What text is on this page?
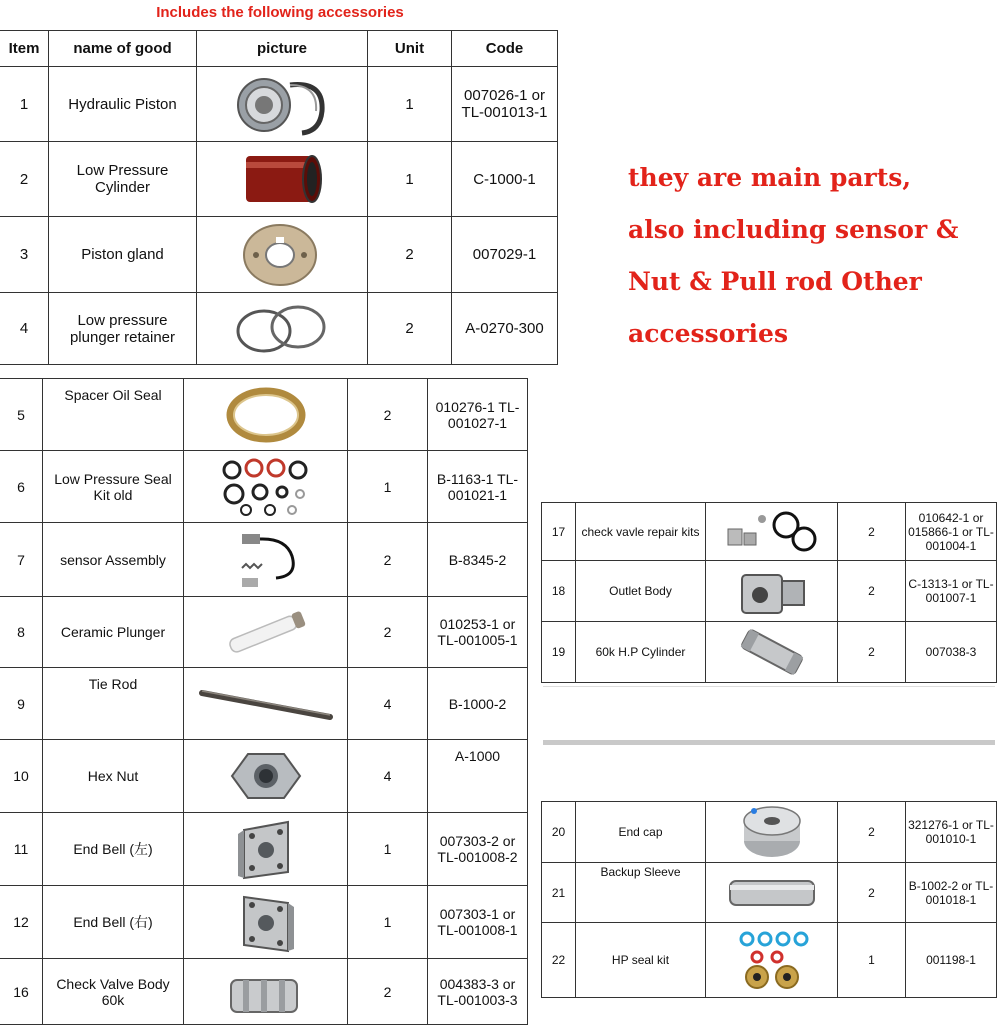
Includes the following accessories
Item	name of good	picture	Unit	Code
1	Hydraulic Piston		1	007026-1 or TL-001013-1
2	Low Pressure Cylinder		1	C-1000-1
3	Piston gland		2	007029-1
4	Low pressure plunger retainer		2	A-0270-300
5	Spacer Oil Seal		2	010276-1 TL-001027-1
6	Low Pressure Seal Kit old		1	B-1163-1 TL-001021-1
7	sensor Assembly		2	B-8345-2
8	Ceramic Plunger		2	010253-1 or TL-001005-1
9	Tie Rod		4	B-1000-2
10	Hex Nut		4	A-1000
11	End Bell (左)		1	007303-2 or TL-001008-2
12	End Bell (右)		1	007303-1 or TL-001008-1
16	Check Valve Body 60k		2	004383-3 or TL-001003-3
17	check vavle repair kits		2	010642-1 or 015866-1 or TL-001004-1
18	Outlet Body		2	C-1313-1 or TL-001007-1
19	60k H.P Cylinder		2	007038-3
20	End cap		2	321276-1 or TL-001010-1
21	Backup Sleeve		2	B-1002-2 or TL-001018-1
22	HP seal kit		1	001198-1
they are main parts,
also including sensor &
Nut & Pull rod Other
accessories
